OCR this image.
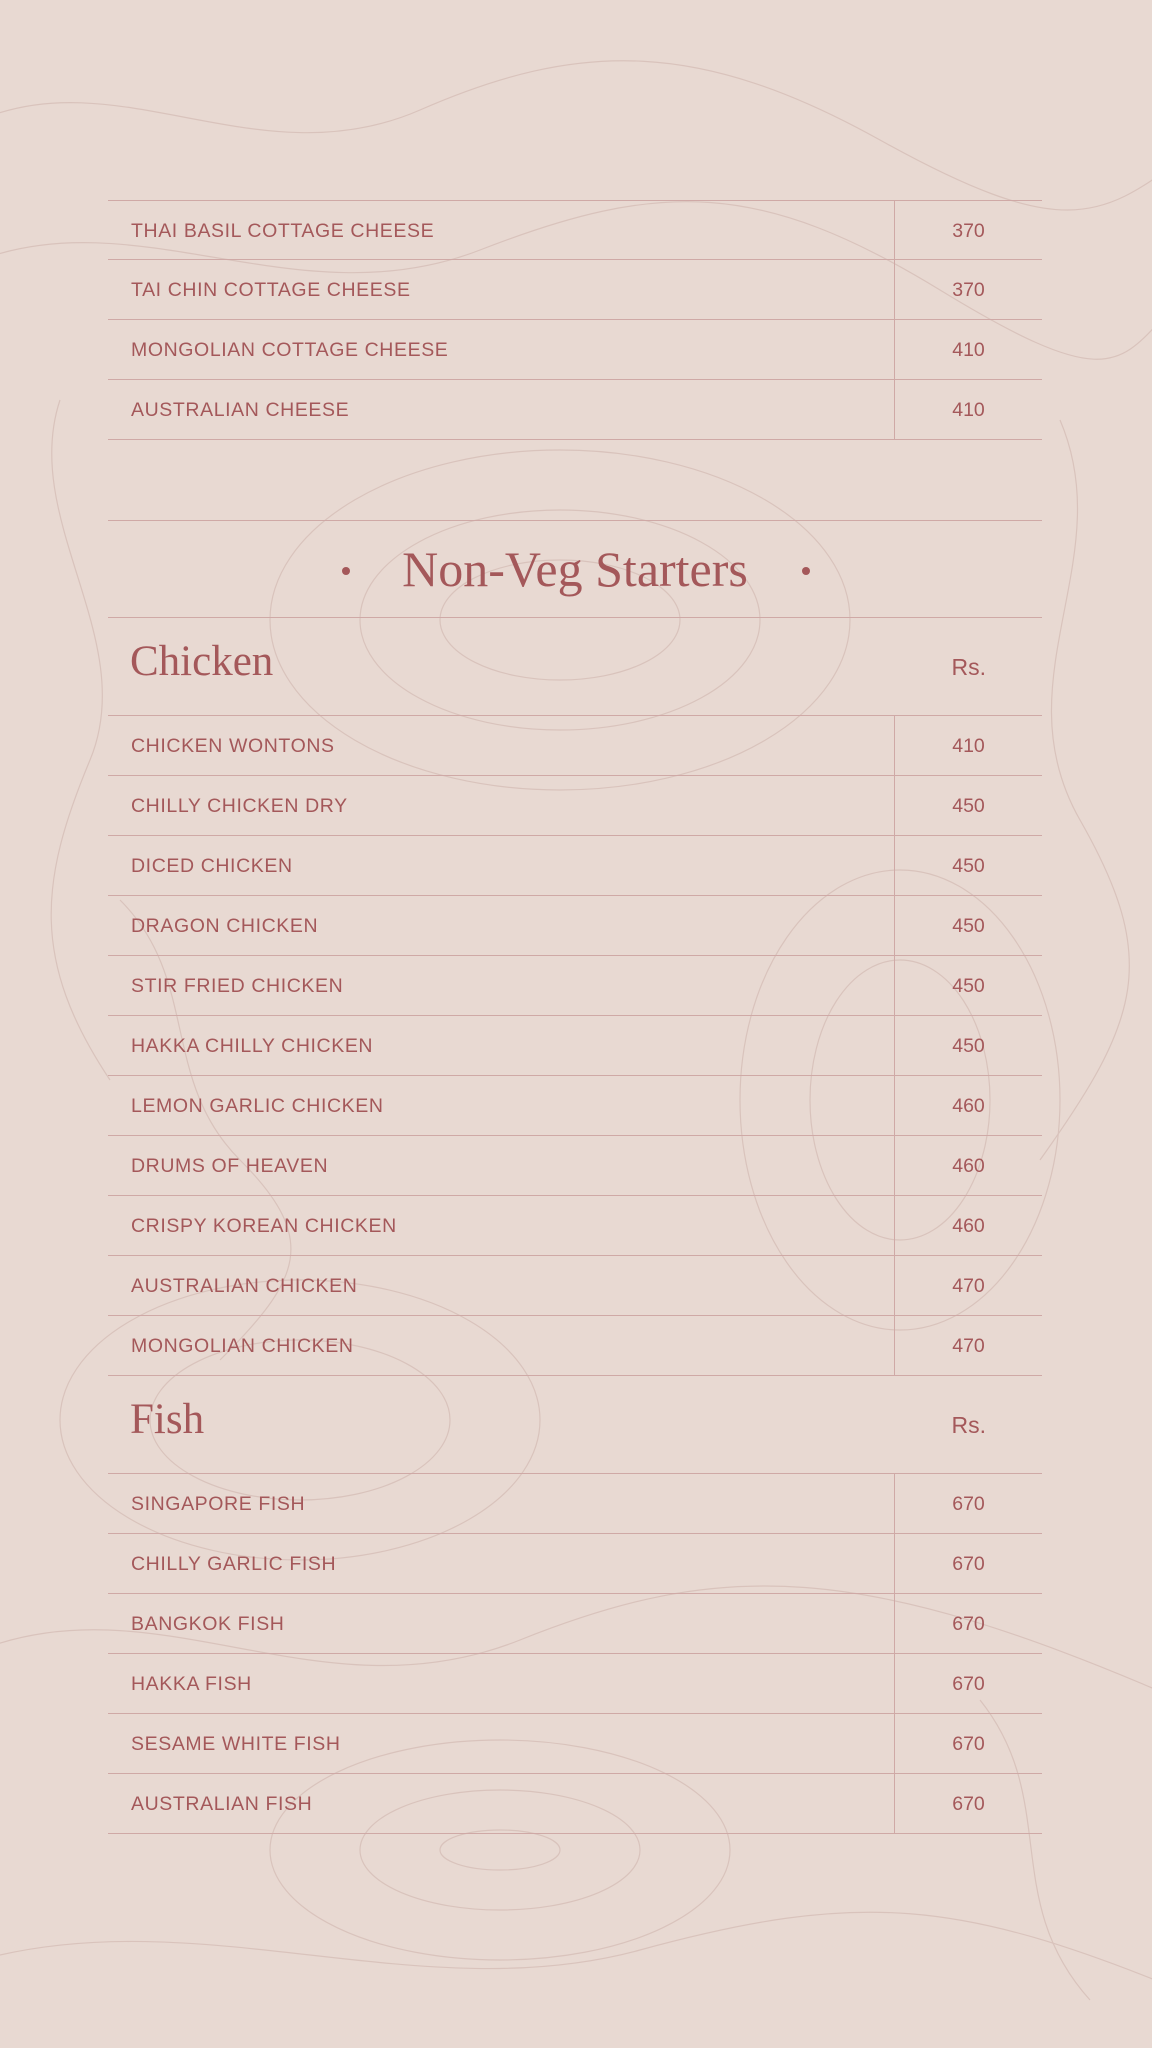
THAI BASIL COTTAGE CHEESE	370
TAI CHIN COTTAGE CHEESE	370
MONGOLIAN COTTAGE CHEESE	410
AUSTRALIAN CHEESE	410
Non-Veg Starters
Chicken	Rs.
CHICKEN WONTONS	410
CHILLY CHICKEN DRY	450
DICED CHICKEN	450
DRAGON CHICKEN	450
STIR FRIED CHICKEN	450
HAKKA CHILLY CHICKEN	450
LEMON GARLIC CHICKEN	460
DRUMS OF HEAVEN	460
CRISPY KOREAN CHICKEN	460
AUSTRALIAN CHICKEN	470
MONGOLIAN CHICKEN	470
Fish	Rs.
SINGAPORE FISH	670
CHILLY GARLIC FISH	670
BANGKOK FISH	670
HAKKA FISH	670
SESAME WHITE FISH	670
AUSTRALIAN FISH	670
